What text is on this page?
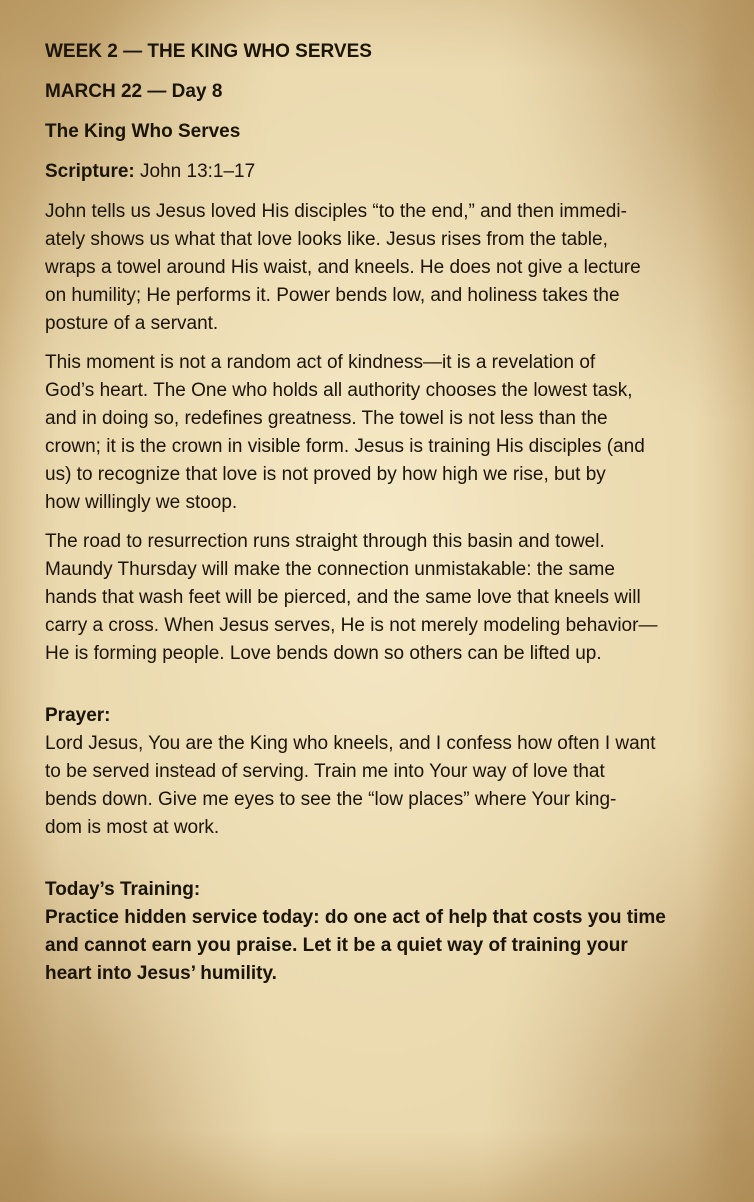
WEEK 2 — THE KING WHO SERVES
MARCH 22 — Day 8
The King Who Serves
Scripture: John 13:1–17
John tells us Jesus loved His disciples “to the end,” and then immedi-
ately shows us what that love looks like. Jesus rises from the table,
wraps a towel around His waist, and kneels. He does not give a lecture
on humility; He performs it. Power bends low, and holiness takes the
posture of a servant.
This moment is not a random act of kindness—it is a revelation of
God’s heart. The One who holds all authority chooses the lowest task,
and in doing so, redefines greatness. The towel is not less than the
crown; it is the crown in visible form. Jesus is training His disciples (and
us) to recognize that love is not proved by how high we rise, but by
how willingly we stoop.
The road to resurrection runs straight through this basin and towel.
Maundy Thursday will make the connection unmistakable: the same
hands that wash feet will be pierced, and the same love that kneels will
carry a cross. When Jesus serves, He is not merely modeling behavior—
He is forming people. Love bends down so others can be lifted up.
Prayer:
Lord Jesus, You are the King who kneels, and I confess how often I want
to be served instead of serving. Train me into Your way of love that
bends down. Give me eyes to see the “low places” where Your king-
dom is most at work.
Today’s Training:
Practice hidden service today: do one act of help that costs you time
and cannot earn you praise. Let it be a quiet way of training your
heart into Jesus’ humility.
